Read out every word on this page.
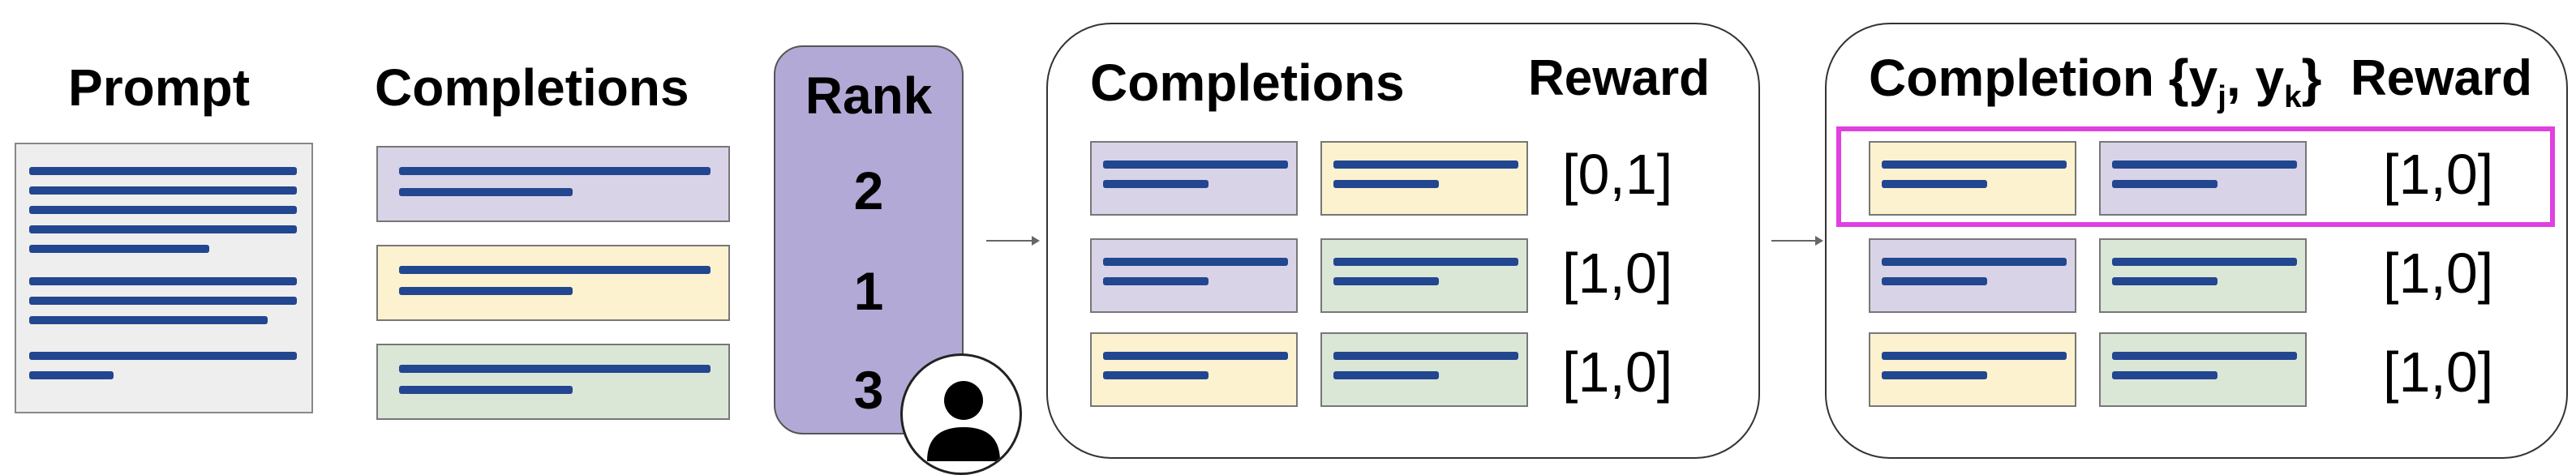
Prompt Completions	Rank
2
1
3
Completions Reward
[0,1]
[1,0]
[1,0]
Completion {$y_j$, $y_k$} Reward
[1,0]
[1,0]
[1,0]
